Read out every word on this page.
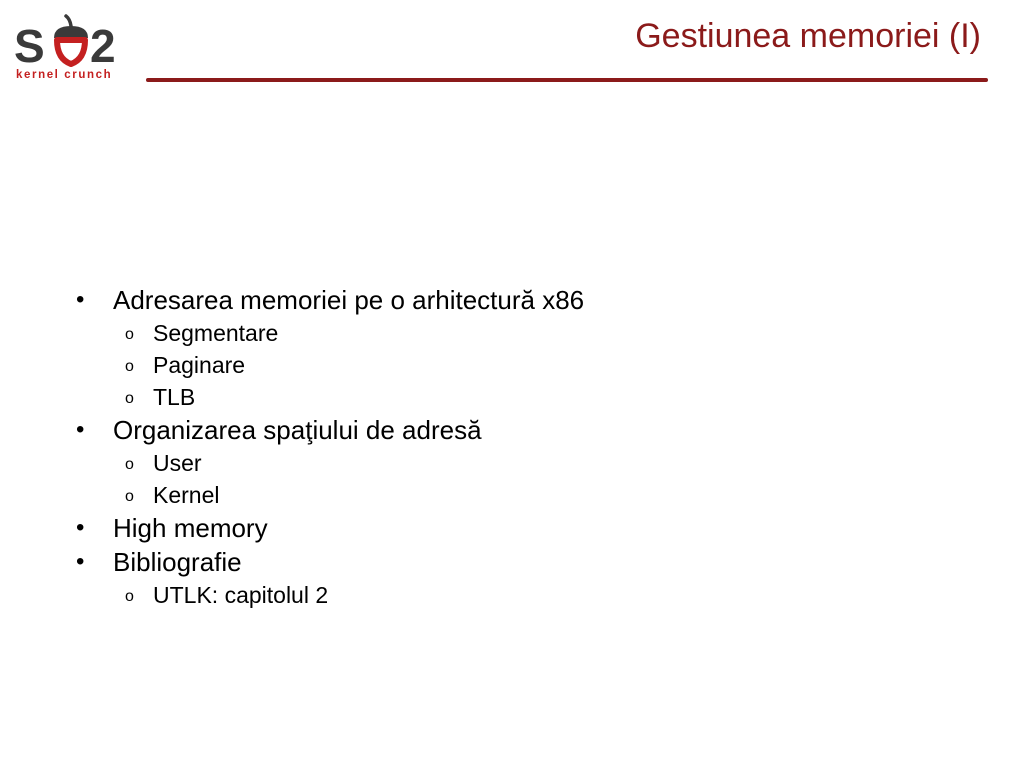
S 2
kernel crunch
Gestiunea memoriei (I)
• Adresarea memoriei pe o arhitectură x86
o Segmentare
o Paginare
o TLB
• Organizarea spaţiului de adresă
o User
o Kernel
• High memory
• Bibliografie
o UTLK: capitolul 2
